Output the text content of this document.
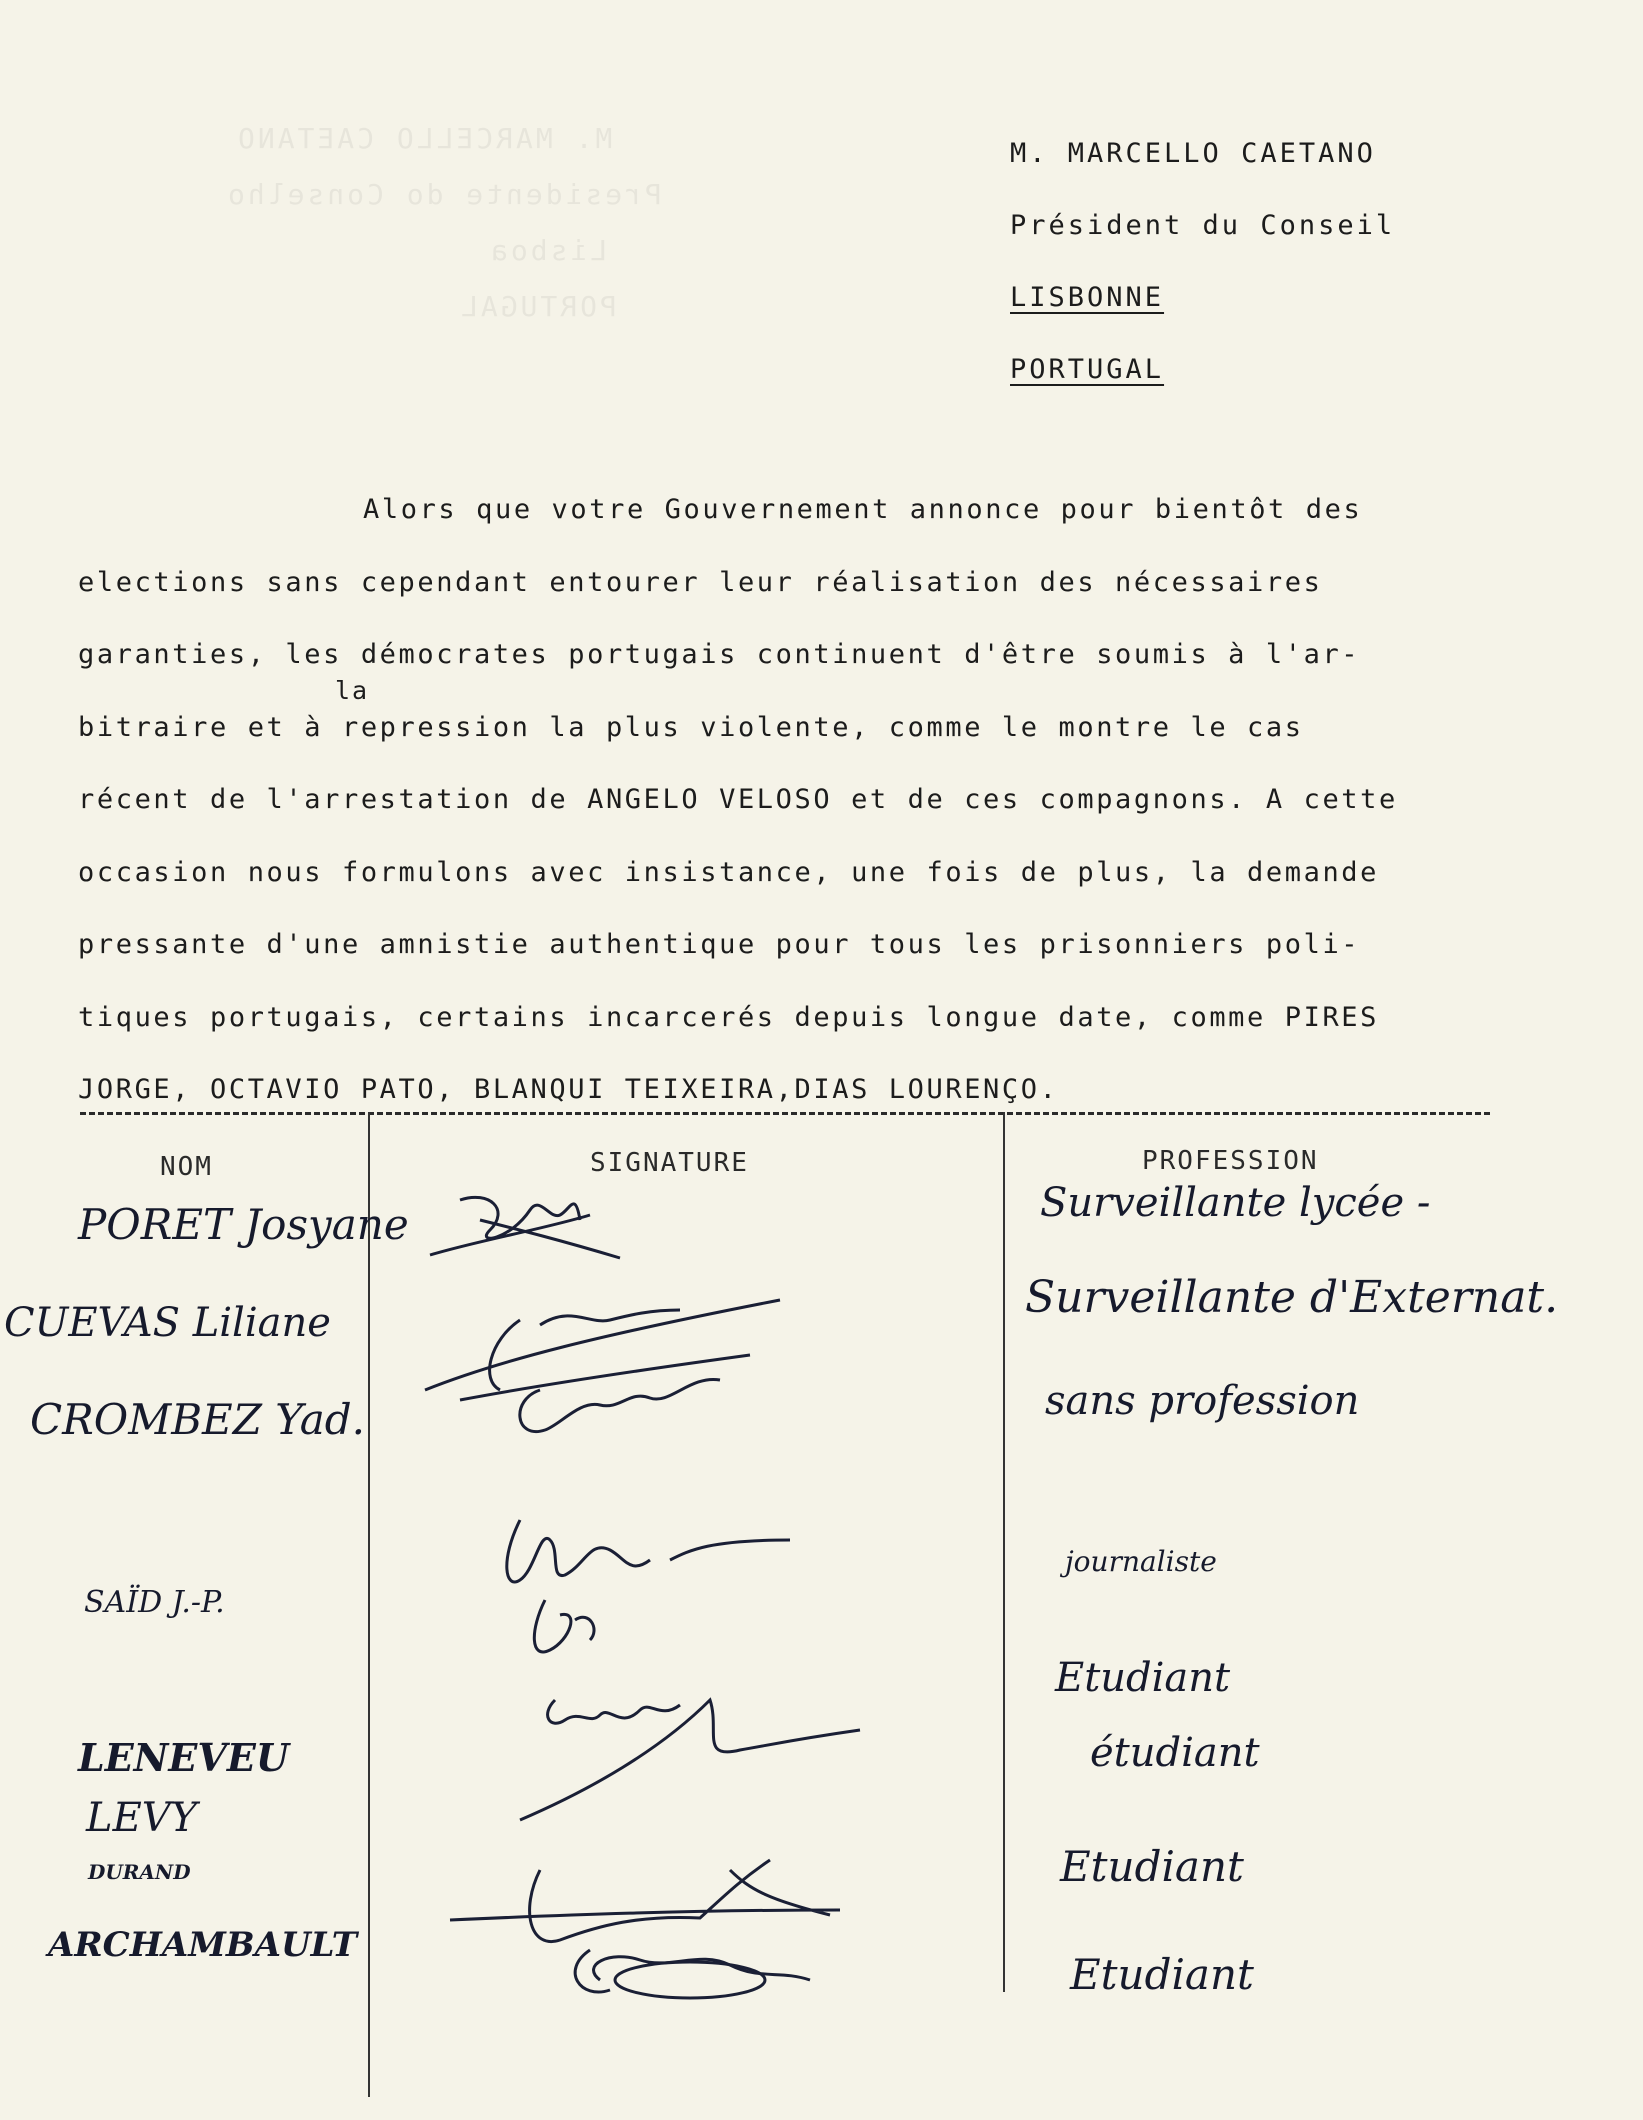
M. MARCELLO CAETANO
Presidente do Conselho
Lisboa
PORTUGAL
M. MARCELLO CAETANO
Président du Conseil
LISBONNE
PORTUGAL

Alors que votre Gouvernement annonce pour bientôt des

elections sans cependant entourer leur réalisation des nécessaires

garanties, les démocrates portugais continuent d'être soumis à l'ar-

bitraire et à repression la plus violente, comme le montre le cas

récent de l'arrestation de ANGELO VELOSO et de ces compagnons. A cette

occasion nous formulons avec insistance, une fois de plus, la demande

pressante d'une amnistie authentique pour tous les prisonniers poli-

tiques portugais, certains incarcerés depuis longue date, comme PIRES

JORGE, OCTAVIO PATO, BLANQUI TEIXEIRA,DIAS LOURENÇO.

la
NOM	SIGNATURE	PROFESSION
PORET Josyane
CUEVAS Liliane
CROMBEZ Yad.
SAÏD J.-P.
LENEVEU
LEVY
DURAND
ARCHAMBAULT
Surveillante lycée -
Surveillante d'Externat.
sans profession
journaliste
Etudiant
étudiant
Etudiant
Etudiant
